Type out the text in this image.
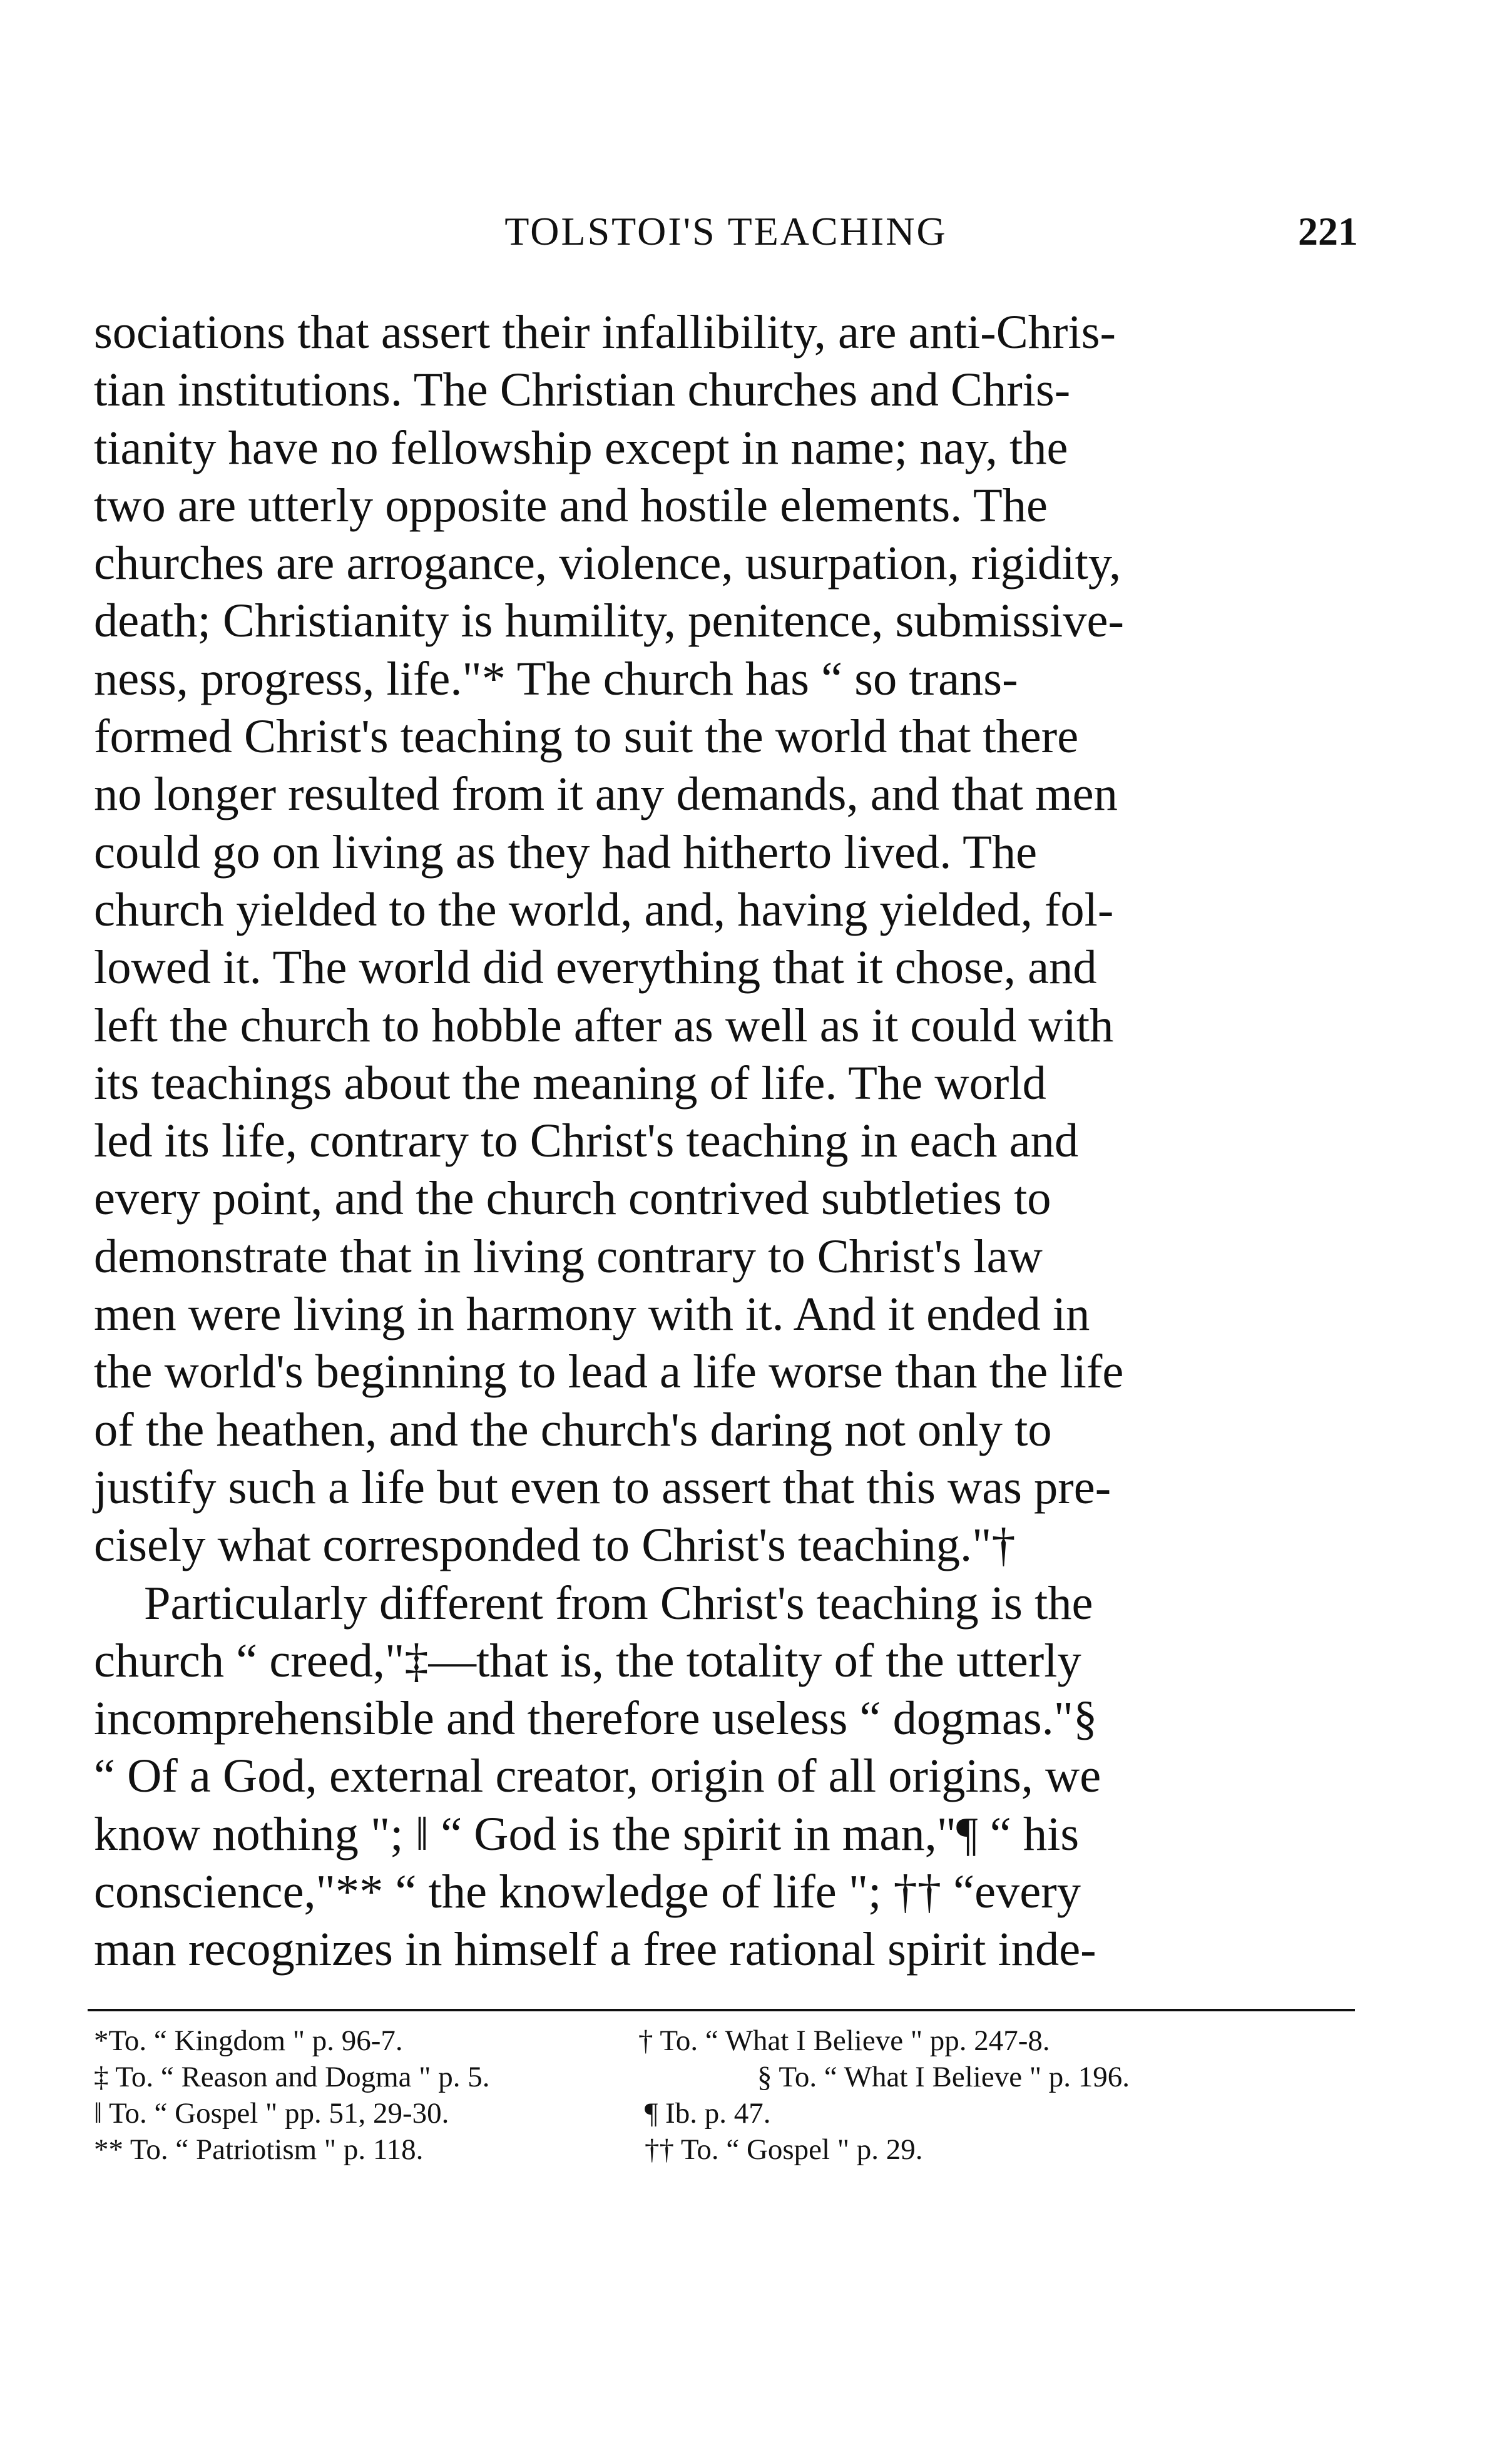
TOLSTOI'S TEACHING	221
sociations that assert their infallibility, are anti-Chris-
tian institutions. The Christian churches and Chris-
tianity have no fellowship except in name; nay, the
two are utterly opposite and hostile elements. The
churches are arrogance, violence, usurpation, rigidity,
death; Christianity is humility, penitence, submissive-
ness, progress, life."* The church has “ so trans-
formed Christ's teaching to suit the world that there
no longer resulted from it any demands, and that men
could go on living as they had hitherto lived. The
church yielded to the world, and, having yielded, fol-
lowed it. The world did everything that it chose, and
left the church to hobble after as well as it could with
its teachings about the meaning of life. The world
led its life, contrary to Christ's teaching in each and
every point, and the church contrived subtleties to
demonstrate that in living contrary to Christ's law
men were living in harmony with it. And it ended in
the world's beginning to lead a life worse than the life
of the heathen, and the church's daring not only to
justify such a life but even to assert that this was pre-
cisely what corresponded to Christ's teaching."†
Particularly different from Christ's teaching is the
church “ creed,"‡—that is, the totality of the utterly
incomprehensible and therefore useless “ dogmas."§
“ Of a God, external creator, origin of all origins, we
know nothing "; ‖ “ God is the spirit in man,"¶ “ his
conscience,"** “ the knowledge of life "; †† “every
man recognizes in himself a free rational spirit inde-
*To. “ Kingdom " p. 96-7.	† To. “ What I Believe " pp. 247-8.
‡ To. “ Reason and Dogma " p. 5.	§ To. “ What I Believe " p. 196.
‖ To. “ Gospel " pp. 51, 29-30.	¶ Ib. p. 47.
** To. “ Patriotism " p. 118.	†† To. “ Gospel " p. 29.
